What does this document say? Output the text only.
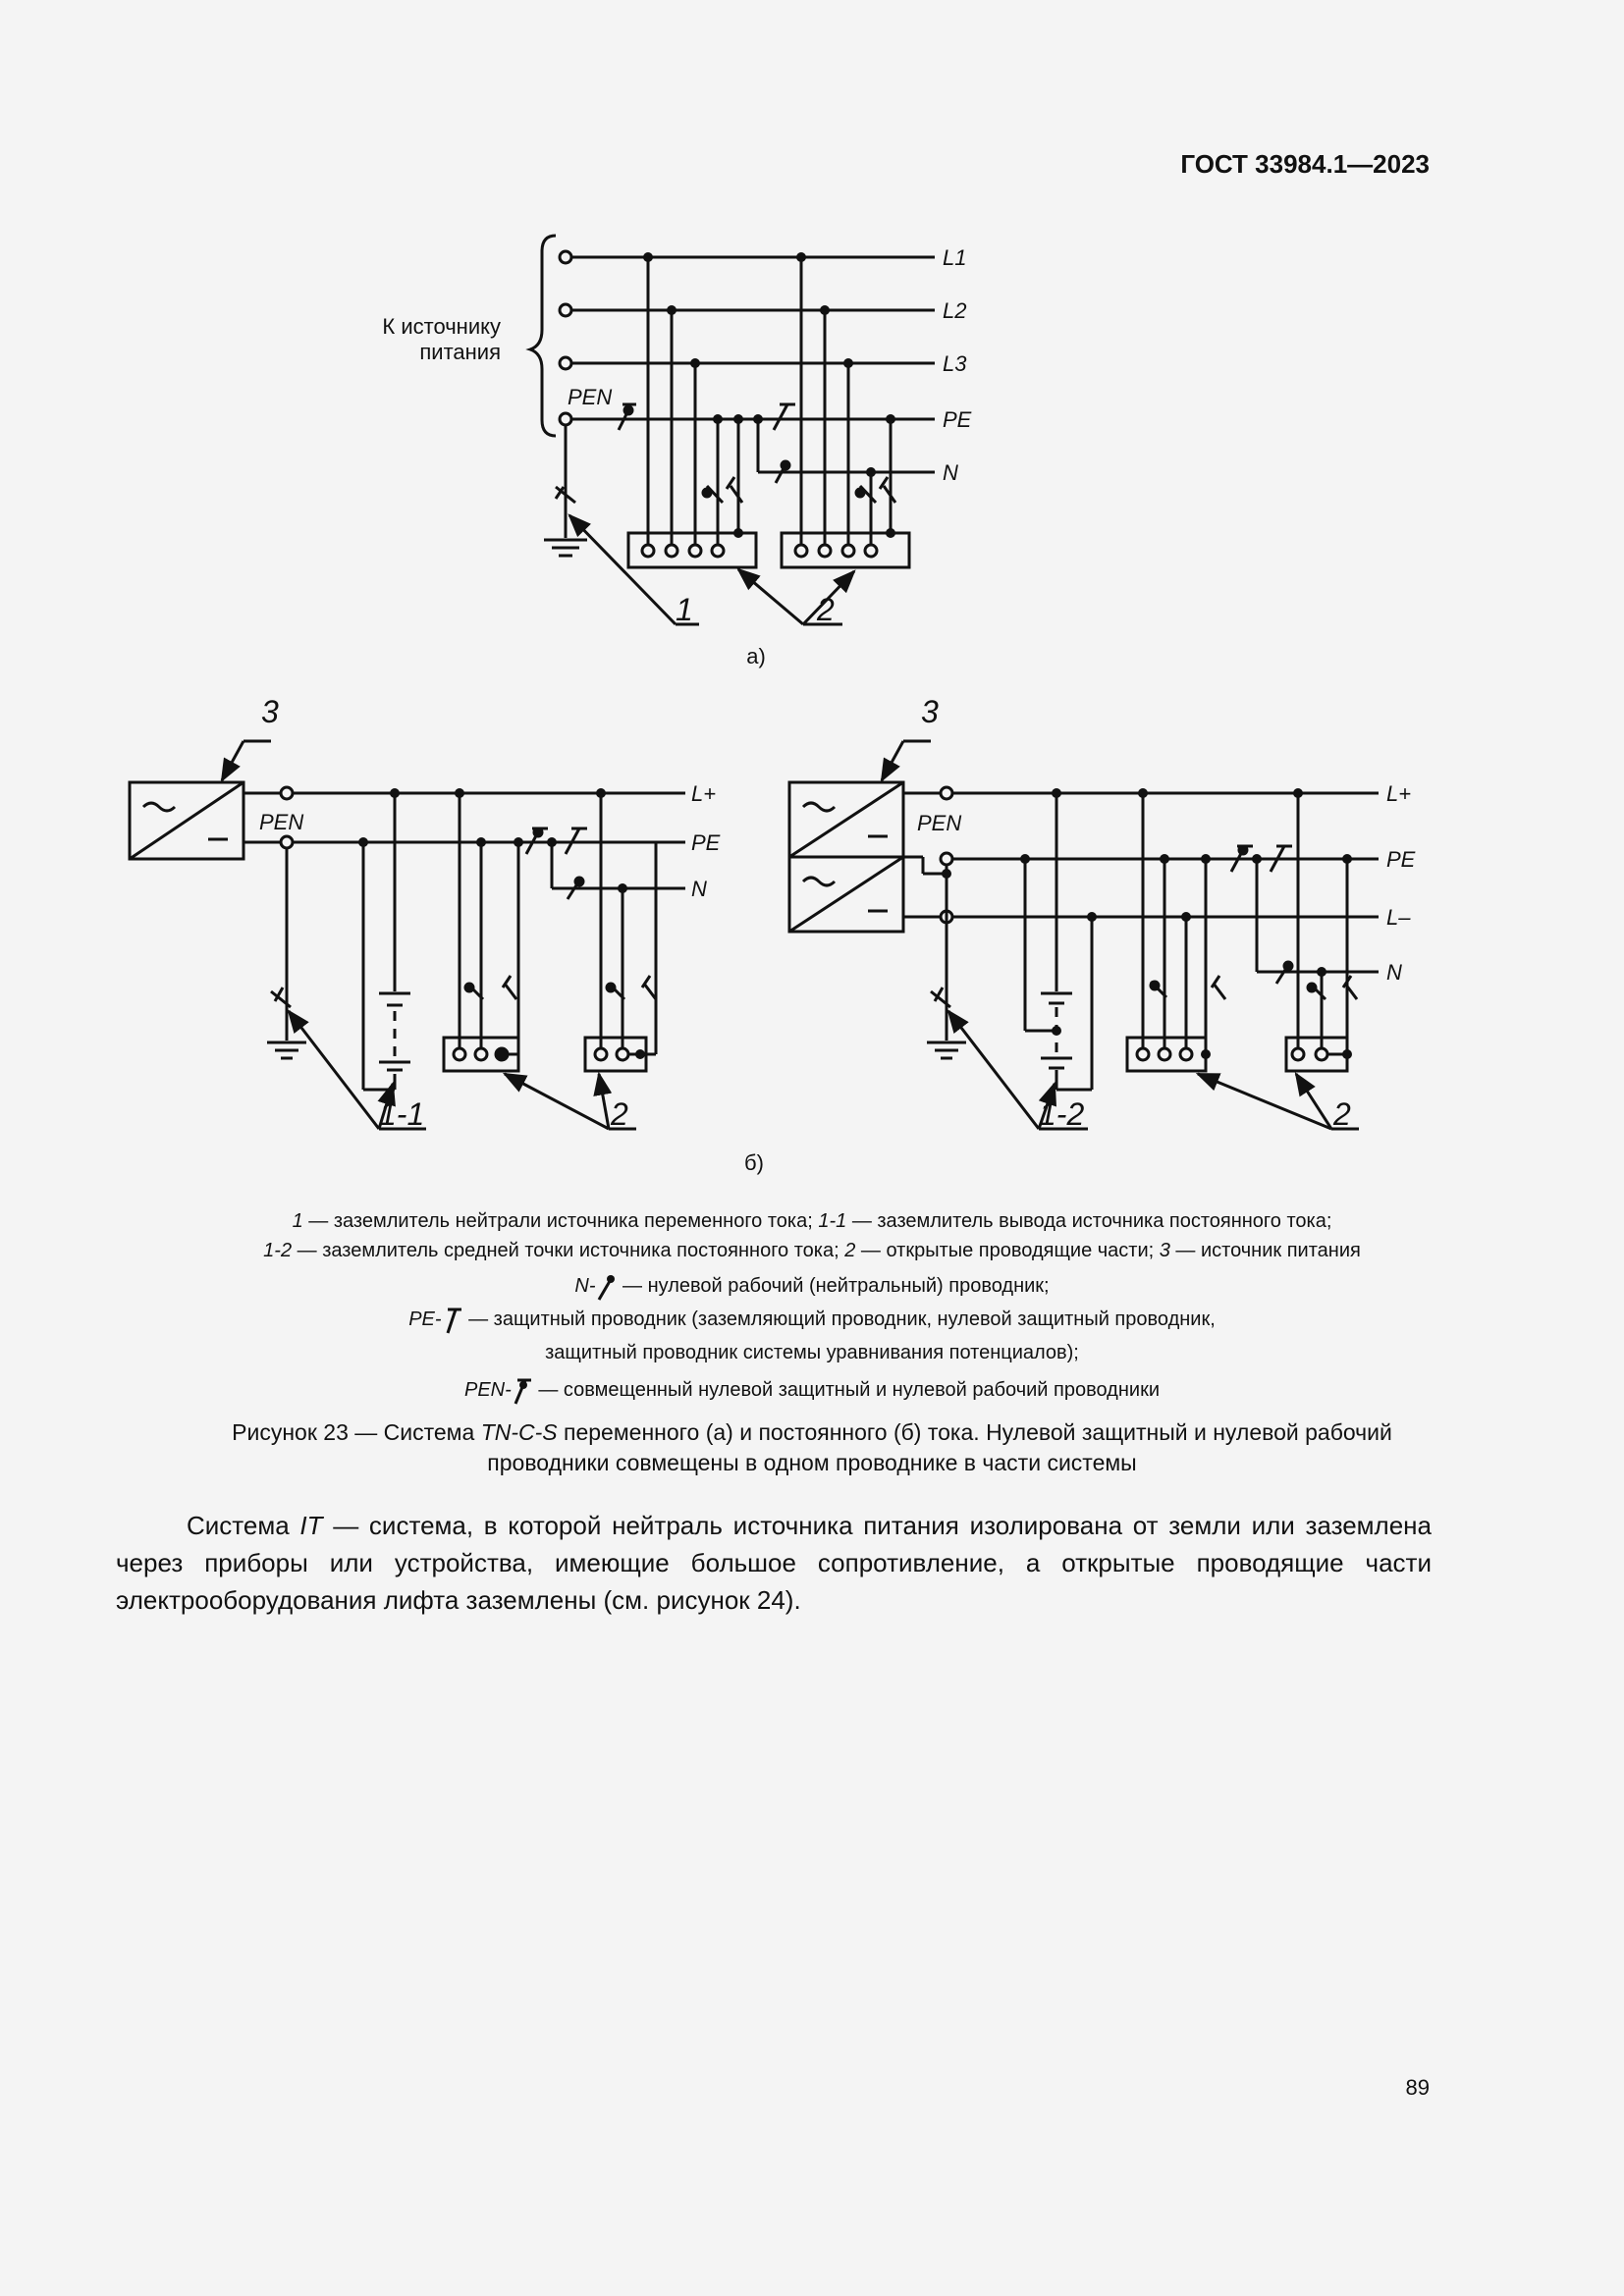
ГОСТ 33984.1—2023
К источнику
питания
PEN
L1
L2
L3
PE
N
1	2
а)
PEN
L+
PE
N
3
1-1	2
PEN
L+
PE
L–
N
3
1-2	2
б)
1 — заземлитель нейтрали источника переменного тока; 1-1 — заземлитель вывода источника постоянного тока;
1-2 — заземлитель средней точки источника постоянного тока; 2 — открытые проводящие части; 3 — источник питания
N- — нулевой рабочий (нейтральный) проводник;
PE- — защитный проводник (заземляющий проводник, нулевой защитный проводник,
защитный проводник системы уравнивания потенциалов);
PEN- — совмещенный нулевой защитный и нулевой рабочий проводники
Рисунок 23 — Система TN-C-S переменного (а) и постоянного (б) тока. Нулевой защитный и нулевой рабочий
проводники совмещены в одном проводнике в части системы

Система IT — система, в которой нейтраль источника питания изолирована от земли или заземлена через приборы или устройства, имеющие большое сопротивление, а открытые проводящие части электрооборудования лифта заземлены (см. рисунок 24).

89
